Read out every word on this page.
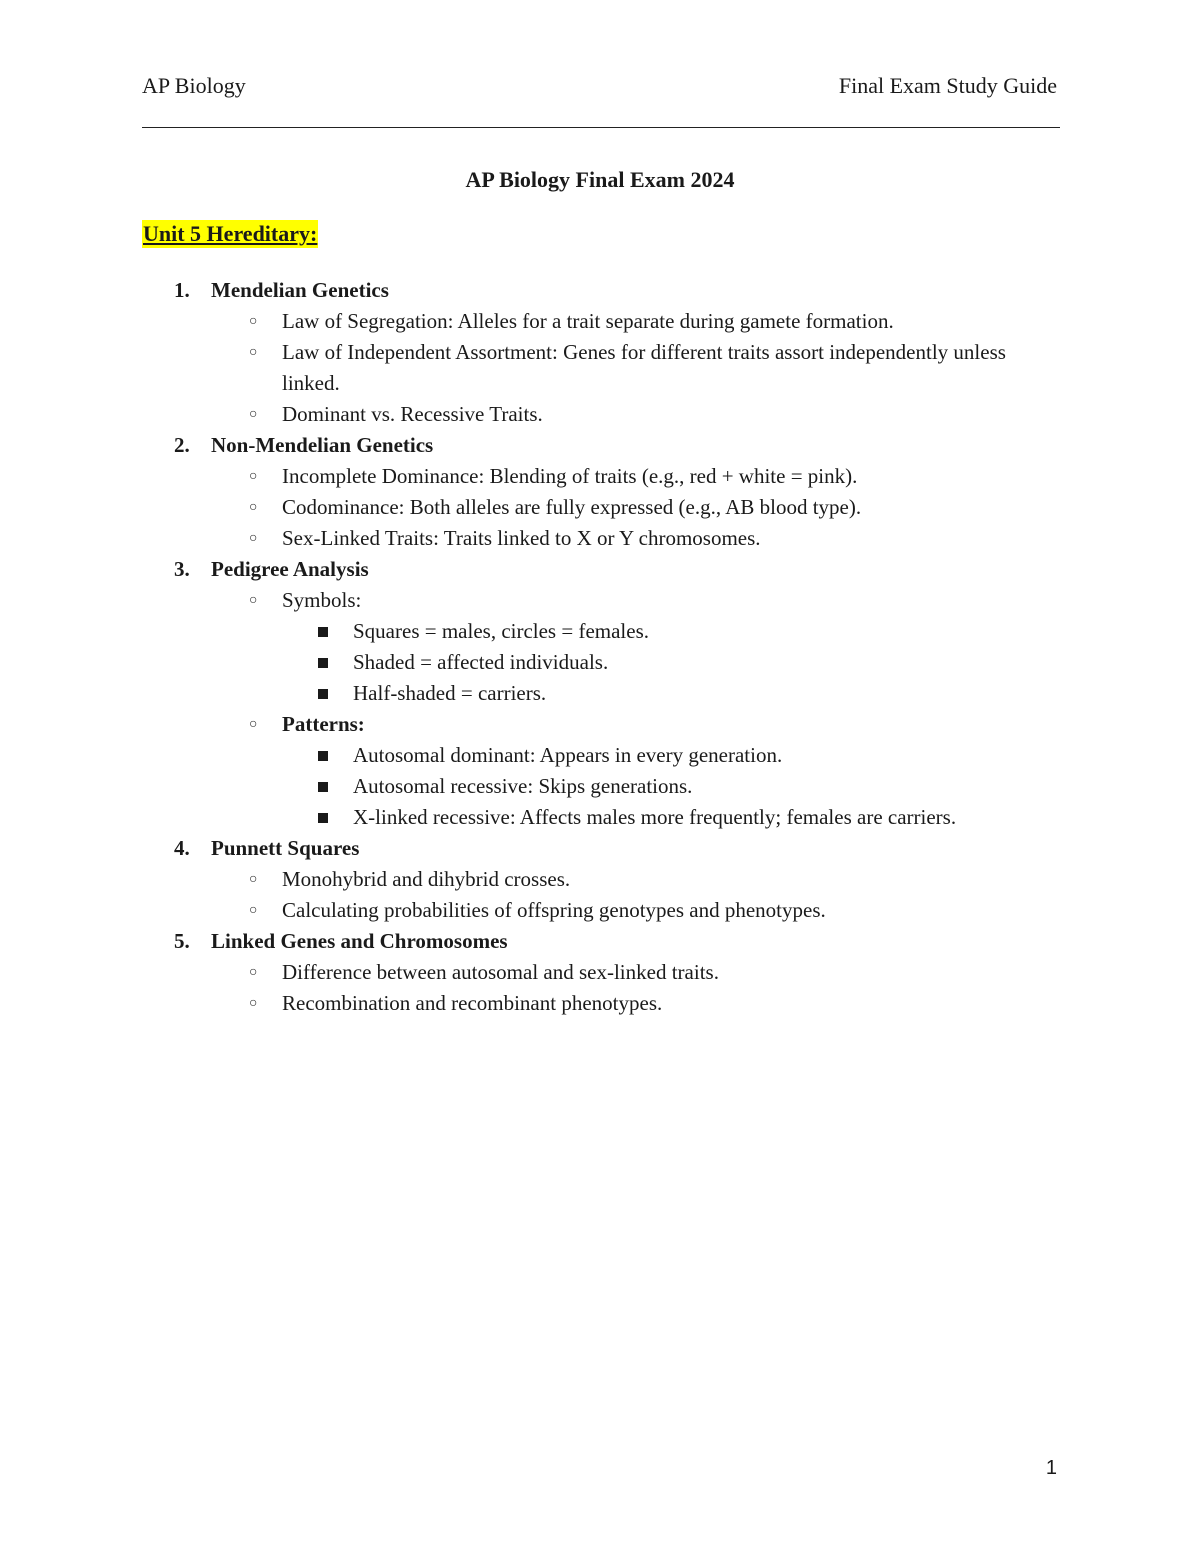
AP Biology	Final Exam Study Guide
AP Biology Final Exam 2024
Unit 5 Hereditary:
1. Mendelian Genetics
○ Law of Segregation: Alleles for a trait separate during gamete formation.
○ Law of Independent Assortment: Genes for different traits assort independently unless linked.
○ Dominant vs. Recessive Traits.
2. Non-Mendelian Genetics
○ Incomplete Dominance: Blending of traits (e.g., red + white = pink).
○ Codominance: Both alleles are fully expressed (e.g., AB blood type).
○ Sex-Linked Traits: Traits linked to X or Y chromosomes.
3. Pedigree Analysis
○ Symbols:
Squares = males, circles = females.
Shaded = affected individuals.
Half-shaded = carriers.
○ Patterns:
Autosomal dominant: Appears in every generation.
Autosomal recessive: Skips generations.
X-linked recessive: Affects males more frequently; females are carriers.
4. Punnett Squares
○ Monohybrid and dihybrid crosses.
○ Calculating probabilities of offspring genotypes and phenotypes.
5. Linked Genes and Chromosomes
○ Difference between autosomal and sex-linked traits.
○ Recombination and recombinant phenotypes.
1
